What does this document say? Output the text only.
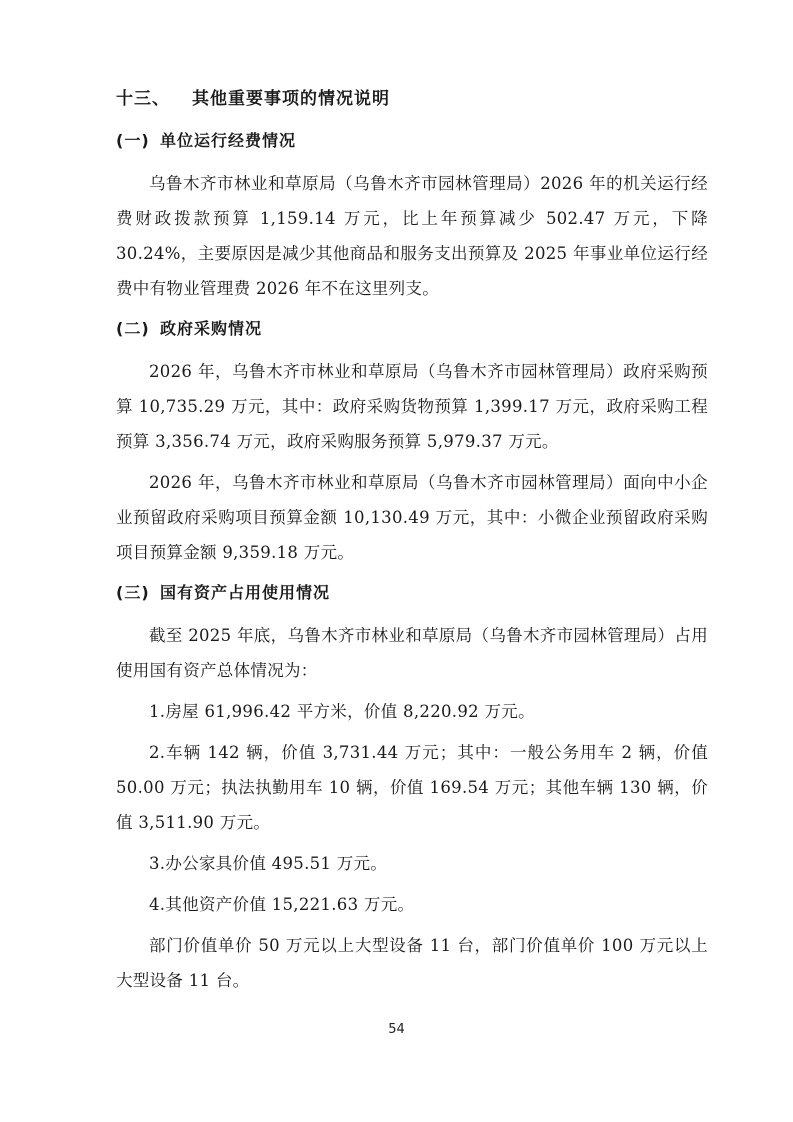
十三、 其他重要事项的情况说明
(一) 单位运行经费情况

乌鲁木齐市林业和草原局（乌鲁木齐市园林管理局）2026 年的机关运行经费财政拨款预算 1,159.14 万元，比上年预算减少 502.47 万元，下降 30.24%，主要原因是减少其他商品和服务支出预算及 2025 年事业单位运行经费中有物业管理费 2026 年不在这里列支。

(二) 政府采购情况

2026 年，乌鲁木齐市林业和草原局（乌鲁木齐市园林管理局）政府采购预算 10,735.29 万元，其中：政府采购货物预算 1,399.17 万元，政府采购工程预算 3,356.74 万元，政府采购服务预算 5,979.37 万元。

2026 年，乌鲁木齐市林业和草原局（乌鲁木齐市园林管理局）面向中小企业预留政府采购项目预算金额 10,130.49 万元，其中：小微企业预留政府采购项目预算金额 9,359.18 万元。

(三) 国有资产占用使用情况

截至 2025 年底，乌鲁木齐市林业和草原局（乌鲁木齐市园林管理局）占用使用国有资产总体情况为：

1.房屋 61,996.42 平方米，价值 8,220.92 万元。

2.车辆 142 辆，价值 3,731.44 万元；其中：一般公务用车 2 辆，价值 50.00 万元；执法执勤用车 10 辆，价值 169.54 万元；其他车辆 130 辆，价值 3,511.90 万元。

3.办公家具价值 495.51 万元。

4.其他资产价值 15,221.63 万元。

部门价值单价 50 万元以上大型设备 11 台，部门价值单价 100 万元以上大型设备 11 台。

54
